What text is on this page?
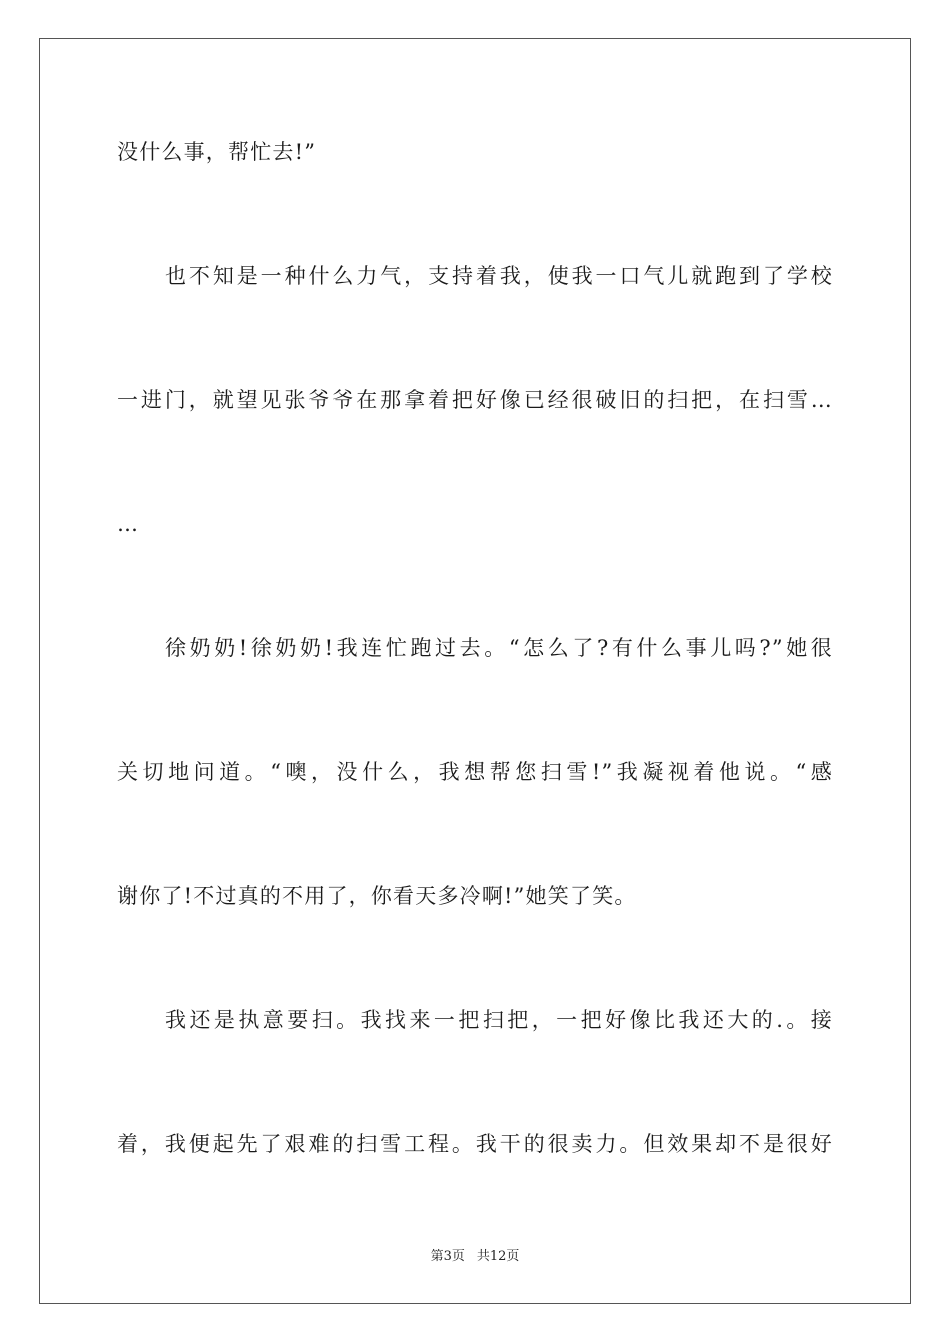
没什么事，帮忙去!”
也不知是一种什么力气，支持着我，使我一口气儿就跑到了学校
一进门，就望见张爷爷在那拿着把好像已经很破旧的扫把，在扫雪…
…
徐奶奶!徐奶奶!我连忙跑过去。“怎么了?有什么事儿吗?”她很
关切地问道。“噢，没什么，我想帮您扫雪!”我凝视着他说。“感
谢你了!不过真的不用了，你看天多冷啊!”她笑了笑。
我还是执意要扫。我找来一把扫把，一把好像比我还大的.。接
着，我便起先了艰难的扫雪工程。我干的很卖力。但效果却不是很好
第3页 共12页
